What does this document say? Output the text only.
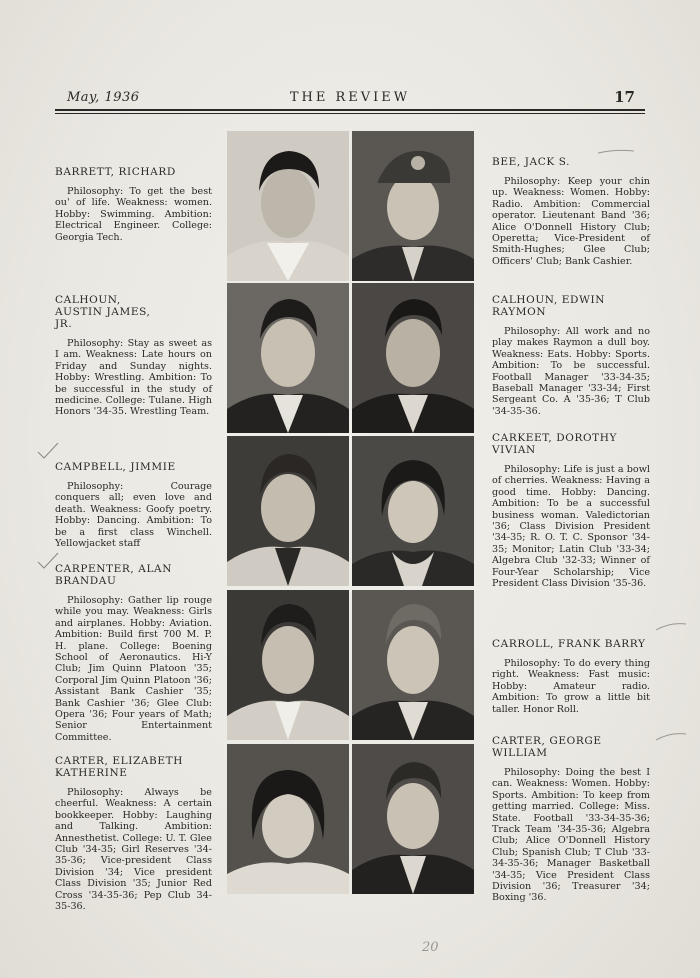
May, 1936	THE REVIEW	17
BARRETT, RICHARD
Philosophy: To get the best ou' of life. Weakness: women. Hobby: Swimming. Ambition: Electrical Engineer. College: Georgia Tech.
CALHOUN, AUSTIN JAMES, JR.
Philosophy: Stay as sweet as I am. Weakness: Late hours on Friday and Sunday nights. Hobby: Wrestling. Ambition: To be successful in the study of medicine. College: Tulane. High Honors '34-35. Wrestling Team.
CAMPBELL, JIMMIE
Philosophy: Courage conquers all; even love and death. Weakness: Goofy poetry. Hobby: Dancing. Ambition: To be a first class Winchell. Yellowjacket staff
CARPENTER, ALAN BRANDAU
Philosophy: Gather lip rouge while you may. Weakness: Girls and airplanes. Hobby: Aviation. Ambition: Build first 700 M. P. H. plane. College: Boening School of Aeronautics. Hi-Y Club; Jim Quinn Platoon '35; Corporal Jim Quinn Platoon '36; Assistant Bank Cashier '35; Bank Cashier '36; Glee Club: Opera '36; Four years of Math; Senior Entertainment Committee.
CARTER, ELIZABETH KATHERINE
Philosophy: Always be cheerful. Weakness: A certain bookkeeper. Hobby: Laughing and Talking. Ambition: Annesthetist. College: U. T. Glee Club '34-35; Girl Reserves '34-35-36; Vice-president Class Division '34; Vice president Class Division '35; Junior Red Cross '34-35-36; Pep Club 34-35-36.
BEE, JACK S.
Philosophy: Keep your chin up. Weakness: Women. Hobby: Radio. Ambition: Commercial operator. Lieutenant Band '36; Alice O'Donnell History Club; Operetta; Vice-President of Smith-Hughes; Glee Club; Officers' Club; Bank Cashier.
CALHOUN, EDWIN RAYMON
Philosophy: All work and no play makes Raymon a dull boy. Weakness: Eats. Hobby: Sports. Ambition: To be successful. Football Manager '33-34-35; Baseball Manager '33-34; First Sergeant Co. A '35-36; T Club '34-35-36.
CARKEET, DOROTHY VIVIAN
Philosophy: Life is just a bowl of cherries. Weakness: Having a good time. Hobby: Dancing. Ambition: To be a successful business woman. Valedictorian '36; Class Division President '34-35; R. O. T. C. Sponsor '34-35; Monitor; Latin Club '33-34; Algebra Club '32-33; Winner of Four-Year Scholarship; Vice President Class Division '35-36.
CARROLL, FRANK BARRY
Philosophy: To do every thing right. Weakness: Fast music: Hobby: Amateur radio. Ambition: To grow a little bit taller. Honor Roll.
CARTER, GEORGE WILLIAM
Philosophy: Doing the best I can. Weakness: Women. Hobby: Sports. Ambition: To keep from getting married. College: Miss. State. Football '33-34-35-36; Track Team '34-35-36; Algebra Club; Alice O'Donnell History Club; Spanish Club; T Club '33-34-35-36; Manager Basketball '34-35; Vice President Class Division '36; Treasurer '34; Boxing '36.
20
